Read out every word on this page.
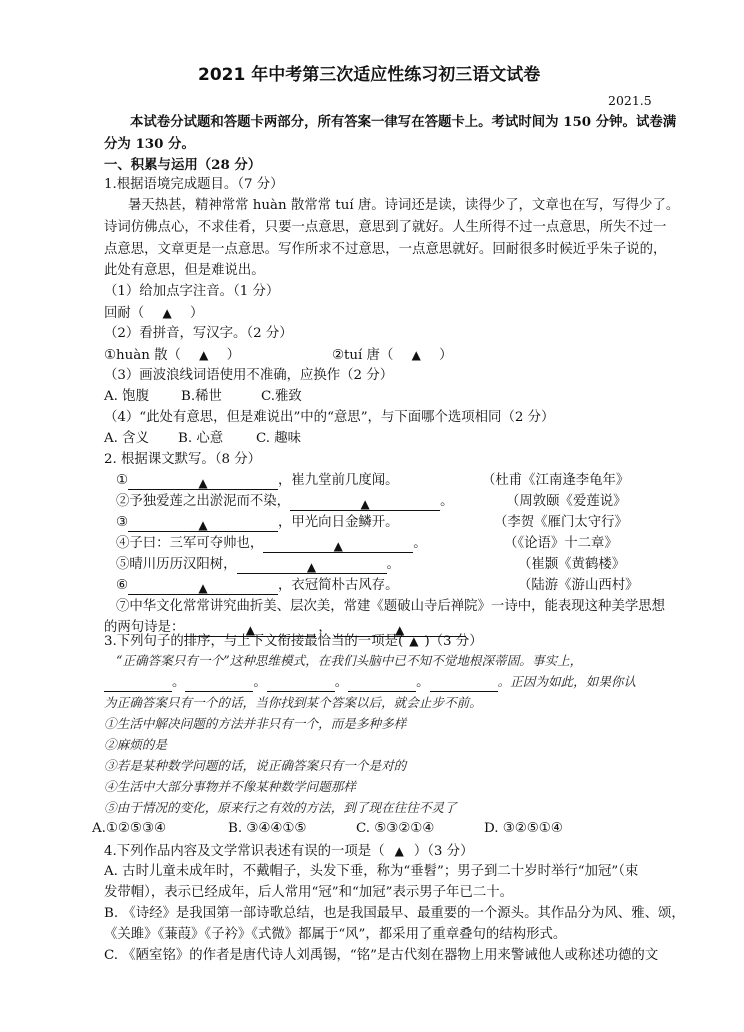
2021 年中考第三次适应性练习初三语文试卷
2021.5
本试卷分试题和答题卡两部分，所有答案一律写在答题卡上。考试时间为 150 分钟。试卷满
分为 130 分。
一、积累与运用（28 分）
1.根据语境完成题目。（7 分）
暑天热甚，精神常常 huàn 散常常 tuí 唐。诗词还是读，读得少了，文章也在写，写得少了。
诗词仿佛点心，不求佳肴，只要一点意思，意思到了就好。人生所得不过一点意思，所失不过一
点意思，文章更是一点意思。写作所求不过意思，一点意思就好。回耐很多时候近乎朱子说的，
此处有意思，但是难说出。
（1）给加点字注音。（1 分）
回耐（ ▲ ）
（2）看拼音，写汉字。（2 分）
①huàn 散（ ▲ ）	②tuí 唐（ ▲ ）
（3）画波浪线词语使用不准确，应换作（2 分）
A. 饱腹 B.稀世	C.雅致
（4）“此处有意思，但是难说出”中的“意思”，与下面哪个选项相同（2 分）
A. 含义 B. 心意 C. 趣味
2. 根据课文默写。（8 分）
①	▲	，崔九堂前几度闻。	（杜甫《江南逢李龟年》
②予独爱莲之出淤泥而不染，	▲	。	（周敦颐《爱莲说》
③	▲	，甲光向日金鳞开。	（李贺《雁门太守行》
④子曰：三军可夺帅也，	▲	。	（《论语》十二章》
⑤晴川历历汉阳树，	▲	。	（崔颢《黄鹤楼》
⑥	▲	，衣冠简朴古风存。	（陆游《游山西村》
⑦中华文化常常讲究曲折美、层次美，常建《题破山寺后禅院》一诗中，能表现这种美学思想
的两句诗是：	▲	，	▲
3.下列句子的排序，与上下文衔接最恰当的一项是( ▲ )（3 分）
“正确答案只有一个”这种思维模式，在我们头脑中已不知不觉地根深蒂固。事实上，
。	。	。	。	。正因为如此，如果你认
为正确答案只有一个的话，当你找到某个答案以后，就会止步不前。
①生活中解决问题的方法并非只有一个，而是多种多样
②麻烦的是
③若是某种数学问题的话，说正确答案只有一个是对的
④生活中大部分事物并不像某种数学问题那样
⑤由于情况的变化，原来行之有效的方法，到了现在往往不灵了
A.①②⑤③④	B. ③④④①⑤	C. ⑤③②①④	D. ③②⑤①④
4.下列作品内容及文学常识表述有误的一项是（ ▲ ）（3 分）
A. 古时儿童未成年时，不戴帽子，头发下垂，称为“垂髫”；男子到二十岁时举行“加冠”（束
发带帽），表示已经成年，后人常用“冠”和“加冠”表示男子年已二十。
B. 《诗经》是我国第一部诗歌总结，也是我国最早、最重要的一个源头。其作品分为风、雅、颂，
《关雎》《蒹葭》《子衿》《式微》都属于“风”，都采用了重章叠句的结构形式。
C. 《陋室铭》的作者是唐代诗人刘禹锡，“铭”是古代刻在器物上用来警诫他人或称述功德的文
